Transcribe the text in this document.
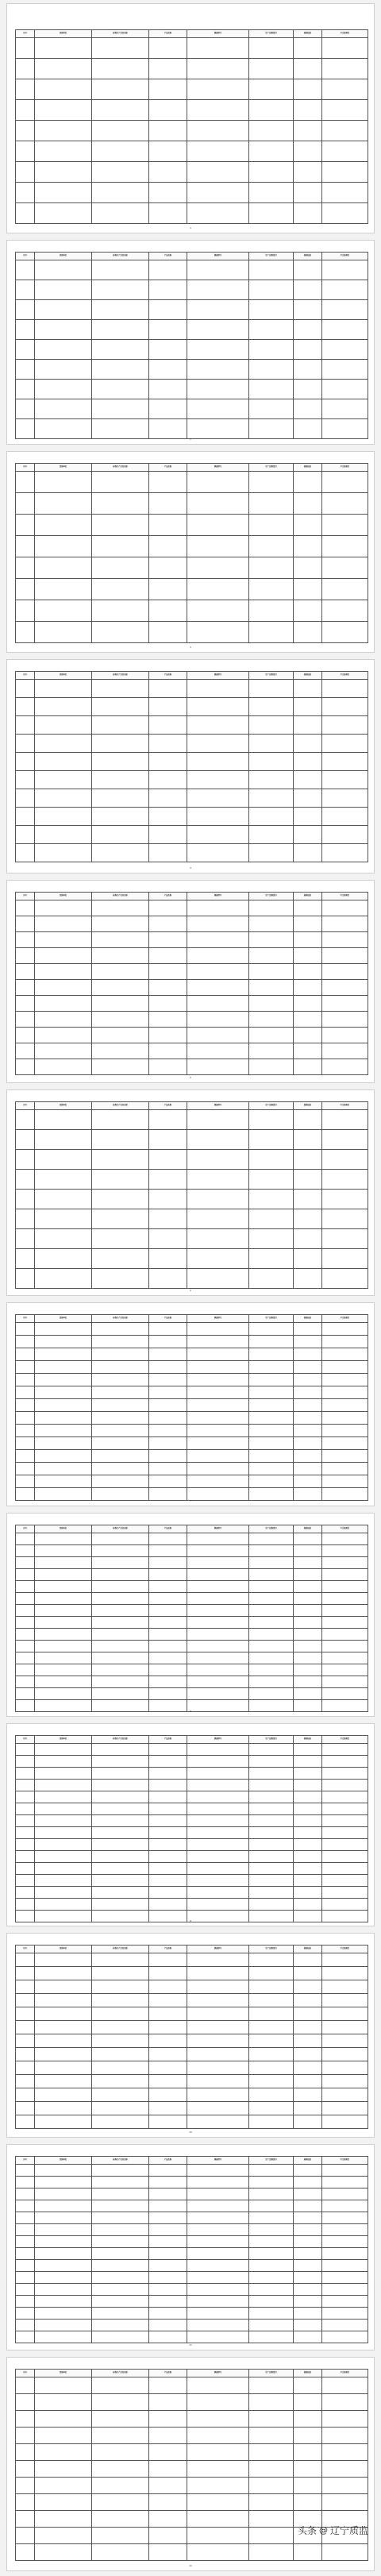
序号	受检单位	标称生产企业名称	产品名称	规格型号	生产日期/批号	检验结论	不合格项目

1
序号	受检单位	标称生产企业名称	产品名称	规格型号	生产日期/批号	检验结论	不合格项目

2
序号	受检单位	标称生产企业名称	产品名称	规格型号	生产日期/批号	检验结论	不合格项目

3
序号	受检单位	标称生产企业名称	产品名称	规格型号	生产日期/批号	检验结论	不合格项目

4
序号	受检单位	标称生产企业名称	产品名称	规格型号	生产日期/批号	检验结论	不合格项目

5
序号	受检单位	标称生产企业名称	产品名称	规格型号	生产日期/批号	检验结论	不合格项目

6
序号	受检单位	标称生产企业名称	产品名称	规格型号	生产日期/批号	检验结论	不合格项目

7
序号	受检单位	标称生产企业名称	产品名称	规格型号	生产日期/批号	检验结论	不合格项目

8
序号	受检单位	标称生产企业名称	产品名称	规格型号	生产日期/批号	检验结论	不合格项目

9
序号	受检单位	标称生产企业名称	产品名称	规格型号	生产日期/批号	检验结论	不合格项目

10
序号	受检单位	标称生产企业名称	产品名称	规格型号	生产日期/批号	检验结论	不合格项目

11
序号	受检单位	标称生产企业名称	产品名称	规格型号	生产日期/批号	检验结论	不合格项目

12
头条 @ 辽宁质监
